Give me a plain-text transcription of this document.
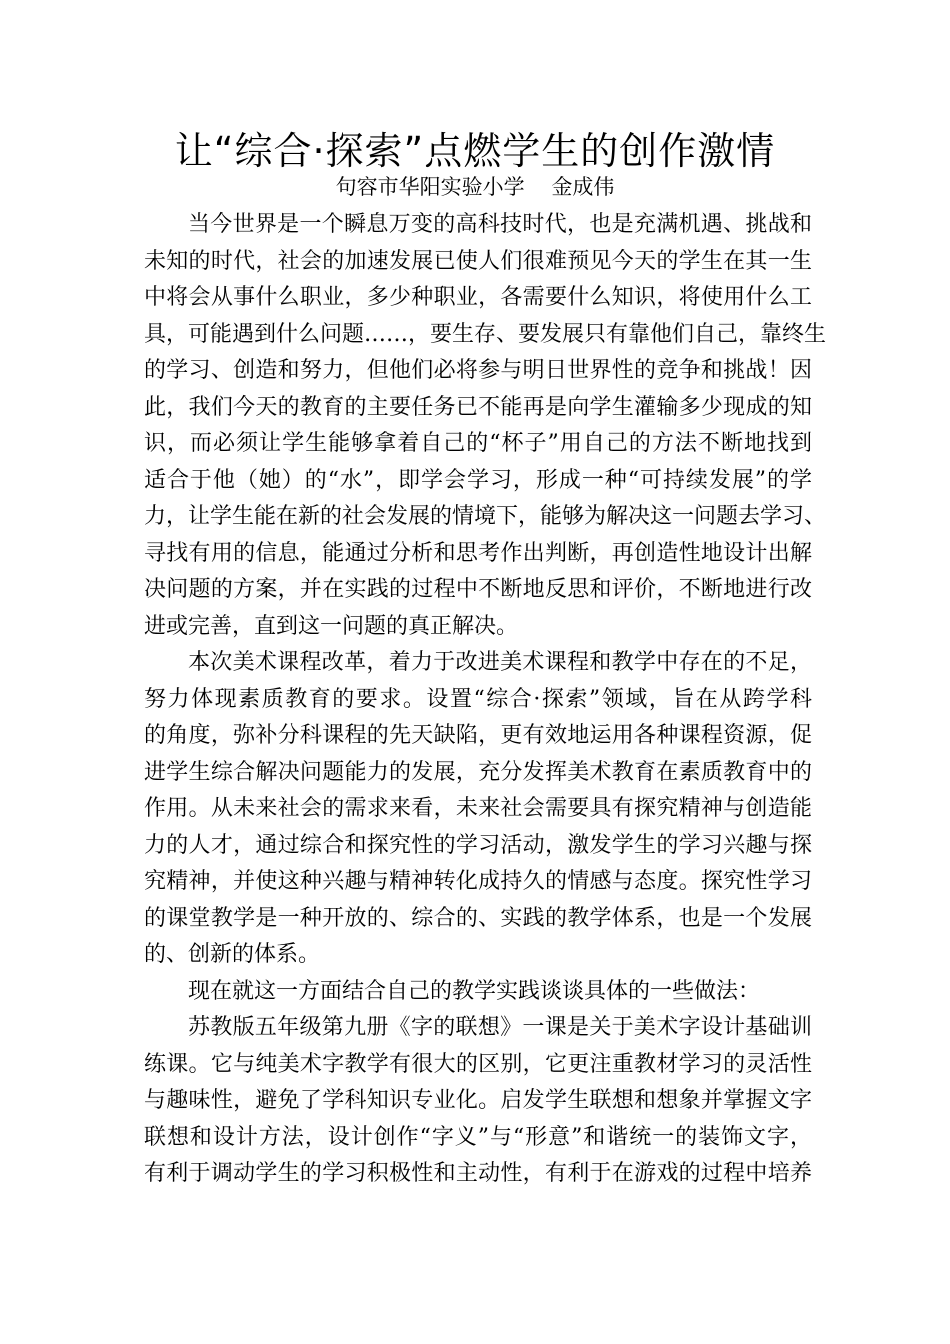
让“综合·探索”点燃学生的创作激情
句容市华阳实验小学    金成伟
当今世界是一个瞬息万变的高科技时代，也是充满机遇、挑战和
未知的时代，社会的加速发展已使人们很难预见今天的学生在其一生
中将会从事什么职业，多少种职业，各需要什么知识，将使用什么工
具，可能遇到什么问题……，要生存、要发展只有靠他们自己，靠终生
的学习、创造和努力，但他们必将参与明日世界性的竞争和挑战！因
此，我们今天的教育的主要任务已不能再是向学生灌输多少现成的知
识，而必须让学生能够拿着自己的“杯子”用自己的方法不断地找到
适合于他（她）的“水”，即学会学习，形成一种“可持续发展”的学
力，让学生能在新的社会发展的情境下，能够为解决这一问题去学习、
寻找有用的信息，能通过分析和思考作出判断，再创造性地设计出解
决问题的方案，并在实践的过程中不断地反思和评价，不断地进行改
进或完善，直到这一问题的真正解决。
本次美术课程改革，着力于改进美术课程和教学中存在的不足，
努力体现素质教育的要求。设置“综合·探索”领域，旨在从跨学科
的角度，弥补分科课程的先天缺陷，更有效地运用各种课程资源，促
进学生综合解决问题能力的发展，充分发挥美术教育在素质教育中的
作用。从未来社会的需求来看，未来社会需要具有探究精神与创造能
力的人才，通过综合和探究性的学习活动，激发学生的学习兴趣与探
究精神，并使这种兴趣与精神转化成持久的情感与态度。探究性学习
的课堂教学是一种开放的、综合的、实践的教学体系，也是一个发展
的、创新的体系。
现在就这一方面结合自己的教学实践谈谈具体的一些做法：
苏教版五年级第九册《字的联想》一课是关于美术字设计基础训
练课。它与纯美术字教学有很大的区别，它更注重教材学习的灵活性
与趣味性，避免了学科知识专业化。启发学生联想和想象并掌握文字
联想和设计方法，设计创作“字义”与“形意”和谐统一的装饰文字，
有利于调动学生的学习积极性和主动性，有利于在游戏的过程中培养
